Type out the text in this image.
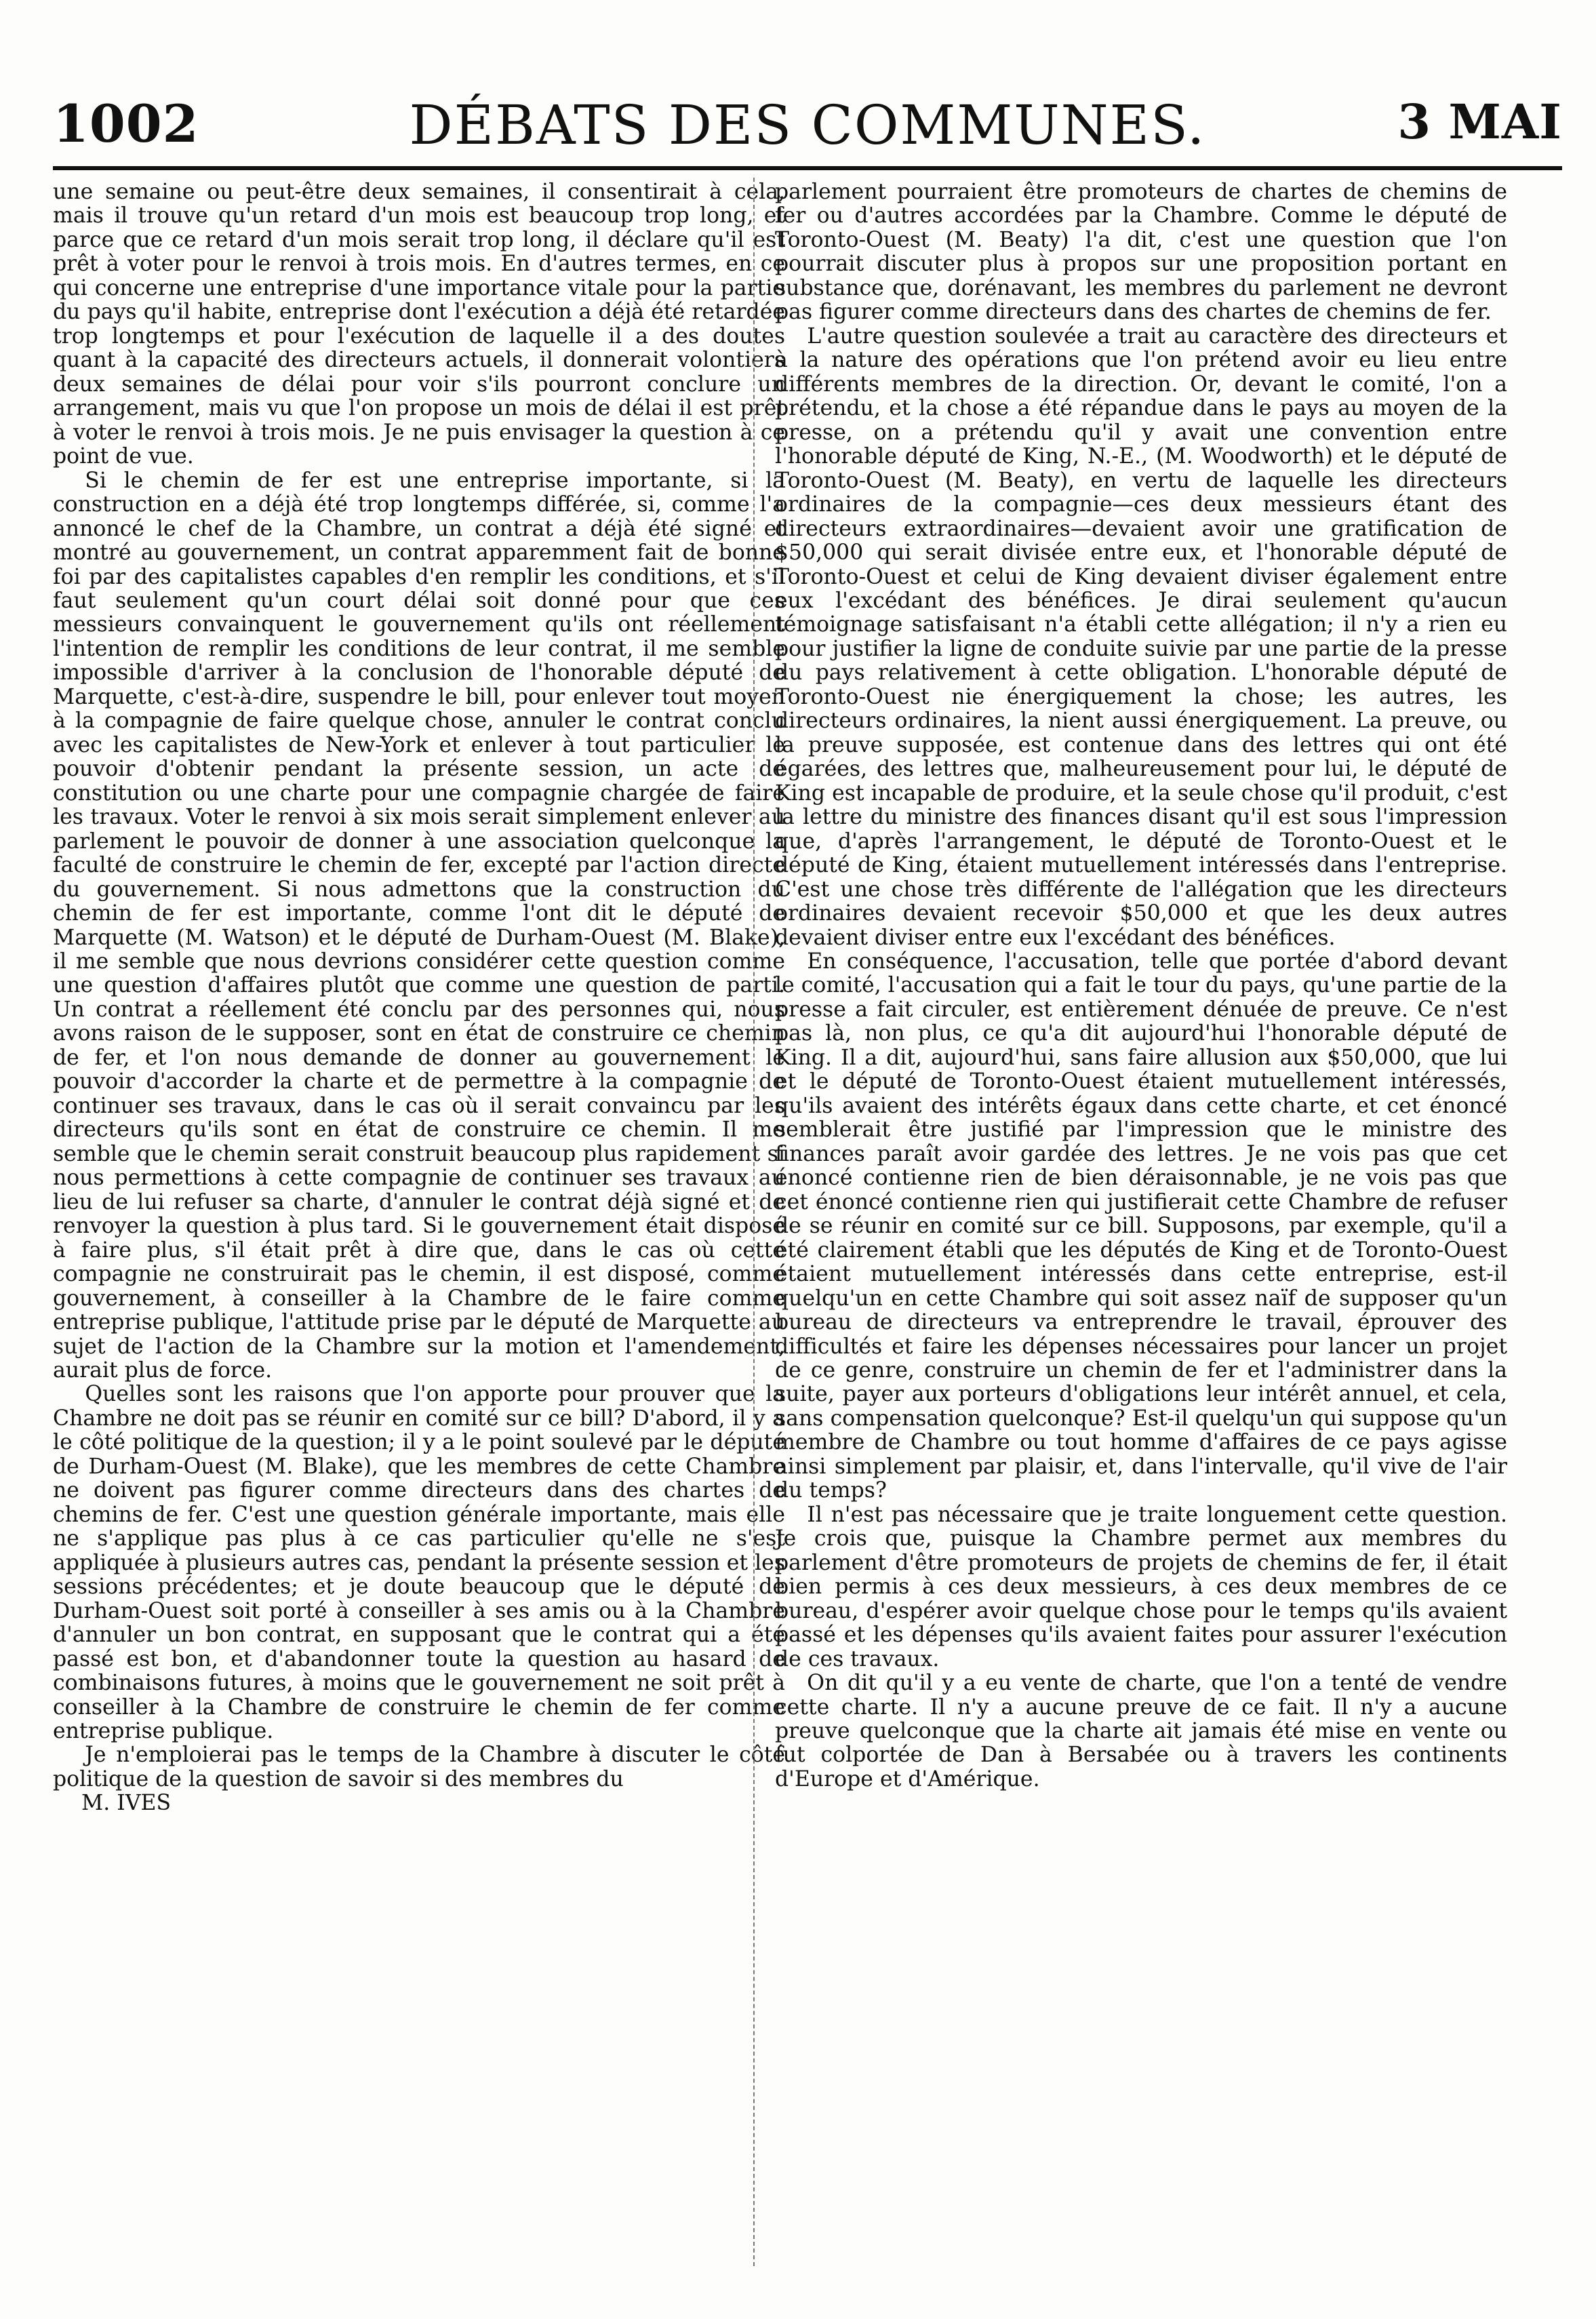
DÉBATS DES COMMUNES.
1002	3 MAI

une semaine ou peut-être deux semaines, il consentirait à cela, mais il trouve qu'un retard d'un mois est beaucoup trop long, et parce que ce retard d'un mois serait trop long, il déclare qu'il est prêt à voter pour le renvoi à trois mois. En d'autres termes, en ce qui concerne une entreprise d'une importance vitale pour la partie du pays qu'il habite, entreprise dont l'exécution a déjà été retardée trop longtemps et pour l'exécution de laquelle il a des doutes quant à la capacité des directeurs actuels, il donnerait volontiers deux semaines de délai pour voir s'ils pourront conclure un arrangement, mais vu que l'on propose un mois de délai il est prêt à voter le renvoi à trois mois. Je ne puis envisager la question à ce point de vue.

Si le chemin de fer est une entreprise importante, si la construction en a déjà été trop longtemps différée, si, comme l'a annoncé le chef de la Chambre, un contrat a déjà été signé et montré au gouvernement, un contrat apparemment fait de bonne foi par des capitalistes capables d'en remplir les conditions, et s'il faut seulement qu'un court délai soit donné pour que ces messieurs convainquent le gouvernement qu'ils ont réellement l'intention de remplir les conditions de leur contrat, il me semble impossible d'arriver à la conclusion de l'honorable député de Marquette, c'est-à-dire, suspendre le bill, pour enlever tout moyen à la compagnie de faire quelque chose, annuler le contrat conclu avec les capitalistes de New-York et enlever à tout particulier le pouvoir d'obtenir pendant la présente session, un acte de constitution ou une charte pour une compagnie chargée de faire les travaux. Voter le renvoi à six mois serait simplement enlever au parlement le pouvoir de donner à une association quelconque la faculté de construire le chemin de fer, excepté par l'action directe du gouvernement. Si nous admettons que la construction du chemin de fer est importante, comme l'ont dit le député de Marquette (M. Watson) et le député de Durham-Ouest (M. Blake), il me semble que nous devrions considérer cette question comme une question d'affaires plutôt que comme une question de parti. Un contrat a réellement été conclu par des personnes qui, nous avons raison de le supposer, sont en état de construire ce chemin de fer, et l'on nous demande de donner au gouvernement le pouvoir d'accorder la charte et de permettre à la compagnie de continuer ses travaux, dans le cas où il serait convaincu par les directeurs qu'ils sont en état de construire ce chemin. Il me semble que le chemin serait construit beaucoup plus rapidement si nous permettions à cette compagnie de continuer ses travaux au lieu de lui refuser sa charte, d'annuler le contrat déjà signé et de renvoyer la question à plus tard. Si le gouvernement était disposé à faire plus, s'il était prêt à dire que, dans le cas où cette compagnie ne construirait pas le chemin, il est disposé, comme gouvernement, à conseiller à la Chambre de le faire comme entreprise publique, l'attitude prise par le député de Marquette au sujet de l'action de la Chambre sur la motion et l'amendement, aurait plus de force.

Quelles sont les raisons que l'on apporte pour prouver que la Chambre ne doit pas se réunir en comité sur ce bill? D'abord, il y a le côté politique de la question; il y a le point soulevé par le député de Durham-Ouest (M. Blake), que les membres de cette Chambre ne doivent pas figurer comme directeurs dans des chartes de chemins de fer. C'est une question générale importante, mais elle ne s'applique pas plus à ce cas particulier qu'elle ne s'est appliquée à plusieurs autres cas, pendant la présente session et les sessions précédentes; et je doute beaucoup que le député de Durham-Ouest soit porté à conseiller à ses amis ou à la Chambre d'annuler un bon contrat, en supposant que le contrat qui a été passé est bon, et d'abandonner toute la question au hasard de combinaisons futures, à moins que le gouvernement ne soit prêt à conseiller à la Chambre de construire le chemin de fer comme entreprise publique.

Je n'emploierai pas le temps de la Chambre à discuter le côté politique de la question de savoir si des membres du

M. IVES

parlement pourraient être promoteurs de chartes de chemins de fer ou d'autres accordées par la Chambre. Comme le député de Toronto-Ouest (M. Beaty) l'a dit, c'est une question que l'on pourrait discuter plus à propos sur une proposition portant en substance que, dorénavant, les membres du parlement ne devront pas figurer comme directeurs dans des chartes de chemins de fer.

L'autre question soulevée a trait au caractère des directeurs et à la nature des opérations que l'on prétend avoir eu lieu entre différents membres de la direction. Or, devant le comité, l'on a prétendu, et la chose a été répandue dans le pays au moyen de la presse, on a prétendu qu'il y avait une convention entre l'honorable député de King, N.-E., (M. Woodworth) et le député de Toronto-Ouest (M. Beaty), en vertu de laquelle les directeurs ordinaires de la compagnie—ces deux messieurs étant des directeurs extraordinaires—devaient avoir une gratification de $50,000 qui serait divisée entre eux, et l'honorable député de Toronto-Ouest et celui de King devaient diviser également entre eux l'excédant des bénéfices. Je dirai seulement qu'aucun témoignage satisfaisant n'a établi cette allégation; il n'y a rien eu pour justifier la ligne de conduite suivie par une partie de la presse du pays relativement à cette obligation. L'honorable député de Toronto-Ouest nie énergiquement la chose; les autres, les directeurs ordinaires, la nient aussi énergiquement. La preuve, ou la preuve supposée, est contenue dans des lettres qui ont été égarées, des lettres que, malheureusement pour lui, le député de King est incapable de produire, et la seule chose qu'il produit, c'est la lettre du ministre des finances disant qu'il est sous l'impression que, d'après l'arrangement, le député de Toronto-Ouest et le député de King, étaient mutuellement intéressés dans l'entreprise. C'est une chose très différente de l'allégation que les directeurs ordinaires devaient recevoir $50,000 et que les deux autres devaient diviser entre eux l'excédant des bénéfices.

En conséquence, l'accusation, telle que portée d'abord devant le comité, l'accusation qui a fait le tour du pays, qu'une partie de la presse a fait circuler, est entièrement dénuée de preuve. Ce n'est pas là, non plus, ce qu'a dit aujourd'hui l'honorable député de King. Il a dit, aujourd'hui, sans faire allusion aux $50,000, que lui et le député de Toronto-Ouest étaient mutuellement intéressés, qu'ils avaient des intérêts égaux dans cette charte, et cet énoncé semblerait être justifié par l'impression que le ministre des finances paraît avoir gardée des lettres. Je ne vois pas que cet énoncé contienne rien de bien déraisonnable, je ne vois pas que cet énoncé contienne rien qui justifierait cette Chambre de refuser de se réunir en comité sur ce bill. Supposons, par exemple, qu'il a été clairement établi que les députés de King et de Toronto-Ouest étaient mutuellement intéressés dans cette entreprise, est-il quelqu'un en cette Chambre qui soit assez naïf de supposer qu'un bureau de directeurs va entreprendre le travail, éprouver des difficultés et faire les dépenses nécessaires pour lancer un projet de ce genre, construire un chemin de fer et l'administrer dans la suite, payer aux porteurs d'obligations leur intérêt annuel, et cela, sans compensation quelconque? Est-il quelqu'un qui suppose qu'un membre de Chambre ou tout homme d'affaires de ce pays agisse ainsi simplement par plaisir, et, dans l'intervalle, qu'il vive de l'air du temps?

Il n'est pas nécessaire que je traite longuement cette question. Je crois que, puisque la Chambre permet aux membres du parlement d'être promoteurs de projets de chemins de fer, il était bien permis à ces deux messieurs, à ces deux membres de ce bureau, d'espérer avoir quelque chose pour le temps qu'ils avaient passé et les dépenses qu'ils avaient faites pour assurer l'exécution de ces travaux.

On dit qu'il y a eu vente de charte, que l'on a tenté de vendre cette charte. Il n'y a aucune preuve de ce fait. Il n'y a aucune preuve quelconque que la charte ait jamais été mise en vente ou fut colportée de Dan à Bersabée ou à travers les continents d'Europe et d'Amérique.
